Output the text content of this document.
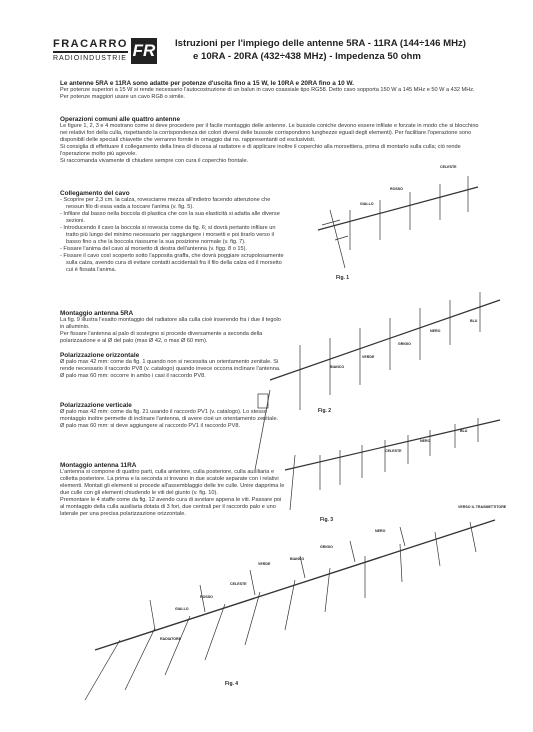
FRACARRO
RADIOINDUSTRIE FR Istruzioni per l'impiego delle antenne 5RA - 11RA (144÷146 MHz)
e 10RA - 20RA (432÷438 MHz) - Impedenza 50 ohm

Le antenne 5RA e 11RA sono adatte per potenze d'uscita fino a 15 W, le 10RA e 20RA fino a 10 W.

Per potenze superiori a 15 W si rende necessario l'autocostruzione di un balun in cavo coassiale tipo RG58. Detto cavo sopporta 150 W a 145 MHz e 50 W a 432 MHz.

Per potenze maggiori usare un cavo RG8 o simile.

Operazioni comuni alle quattro antenne

Le figure 1, 2, 3 e 4 mostrano come si deve procedere per il facile montaggio delle antenne. Le bussole coniche devono essere infilate e forzate in modo che si blocchino nei relativi fori della culla, rispettando la corrispondenza dei colori diversi delle bussole corrispondono lunghezze eguali degli elementi). Per facilitare l'operazione sono disponibili delle speciali chiavette che verranno fornite in omaggio dai ns. rappresentanti od esclusivisti.

Si consiglia di effettuare il collegamento della linea di discesa al radiatore e di applicare inoltre il coperchio alla morsettiera, prima di montarlo sulla culla; ciò rende l'operazione molto più agevole.

Si raccomanda vivamente di chiudere sempre con cura il coperchio frontale.

Collegamento del cavo

- Scoprire per 2,3 cm. la calza, rovesciarne mezza all'indietro facendo attenzione che nessun filo di essa vada a toccare l'anima (v. fig. 5).

- Infilare dal basso nella boccola di plastica che con la sua elasticità si adatta alle diverse sezioni.

- Introducendo il cavo la boccola si rovescia come da fig. 6; si dovrà pertanto infilare un tratto più lungo del minimo necessario per raggiungere i morsetti e poi tirarlo verso il basso fino a che la boccola riassume la sua posizione normale (v. fig. 7).

- Fissare l'anima del cavo al morsetto di destra dell'antenna (v. figg. 8 o 15).

- Fissare il cavo così scoperto sotto l'apposita graffa, che dovrà poggiare scrupolosamente sulla calza, avendo cura di evitare contatti accidentali fra il filo della calza ed il morsetto cui è fissata l'anima.

Montaggio antenna 5RA

La fig. 9 illustra l'esatto montaggio del radiatore alla culla cioè inserendo fra i due il tegolo in alluminio.

Per fissare l'antenna al palo di sostegno si procede diversamente a seconda della polarizzazione e al Ø del palo (max Ø 42, o max Ø 60 mm).

Polarizzazione orizzontale

Ø palo max 42 mm: come da fig. 1 quando non si necessita un orientamento zenitale. Si rende necessario il raccordo PV8 (v. catalogo) quando invece occorra inclinare l'antenna.

Ø palo max 60 mm: occorre in ambo i casi il raccordo PV8.

Polarizzazione verticale

Ø palo max 42 mm: come da fig. 21 usando il raccordo PV1 (v. catalogo). Lo stesso montaggio inoltre permette di inclinare l'antenna, di avere cioè un orientamento zenitale.

Ø palo max 60 mm: si deve aggiungere al raccordo PV1 il raccordo PV8.

Montaggio antenna 11RA

L'antenna si compone di quattro parti, culla anteriore, culla posteriore, culla ausiliaria e colletta posteriore. La prima e la seconda si trovano in due scatole separate con i relativi elementi. Montati gli elementi si procede all'assemblaggio delle tre culle. Unire dapprima le due culle con gli elementi chiudendo le viti del giunto (v. fig. 10).

Premontare le 4 staffe come da fig. 12 avendo cura di avvitare appena le viti. Passare poi al montaggio della culla ausiliaria dotata di 3 fori, due centrali per il raccordo palo e uno laterale per una precisa polarizzazione orizzontale.

CELESTE
ROSSO
GIALLO
BLU
NERO
GRIGIO
VERDE
BIANCO
BLU
NERO
CELESTE
VERSO IL TRASMETTITORE
RADIATORE
VERDE
CELESTE
ROSSO
GIALLO
GRIGIO
NERO
BIANCO
Fig. 1
Fig. 2
Fig. 3
Fig. 4
